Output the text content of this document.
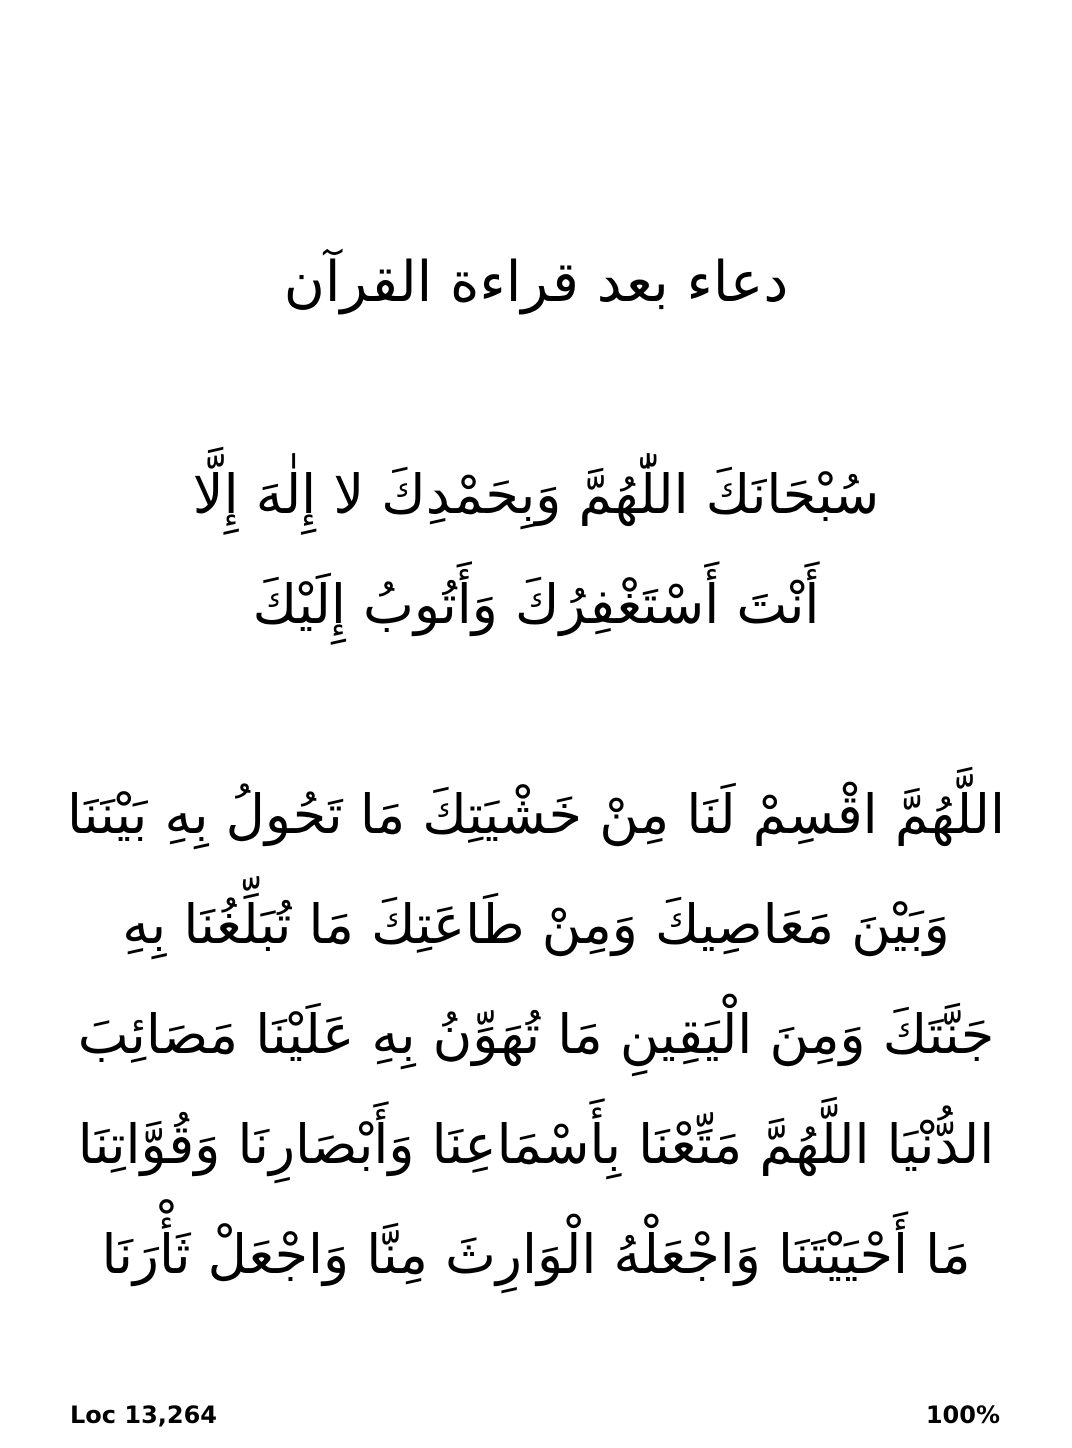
دعاء بعد قراءة القرآن

سُبْحَانَكَ اللّٰهُمَّ وَبِحَمْدِكَ لا إِلٰهَ إِلَّا
أَنْتَ أَسْتَغْفِرُكَ وَأَتُوبُ إِلَيْكَ

اللَّهُمَّ اقْسِمْ لَنَا مِنْ خَشْيَتِكَ مَا تَحُولُ بِهِ بَيْنَنَا
وَبَيْنَ مَعَاصِيكَ وَمِنْ طَاعَتِكَ مَا تُبَلِّغُنَا بِهِ
جَنَّتَكَ وَمِنَ الْيَقِينِ مَا تُهَوِّنُ بِهِ عَلَيْنَا مَصَائِبَ
الدُّنْيَا اللَّهُمَّ مَتِّعْنَا بِأَسْمَاعِنَا وَأَبْصَارِنَا وَقُوَّاتِنَا
مَا أَحْيَيْتَنَا وَاجْعَلْهُ الْوَارِثَ مِنَّا وَاجْعَلْ ثَأْرَنَا

Loc 13,264	100%
